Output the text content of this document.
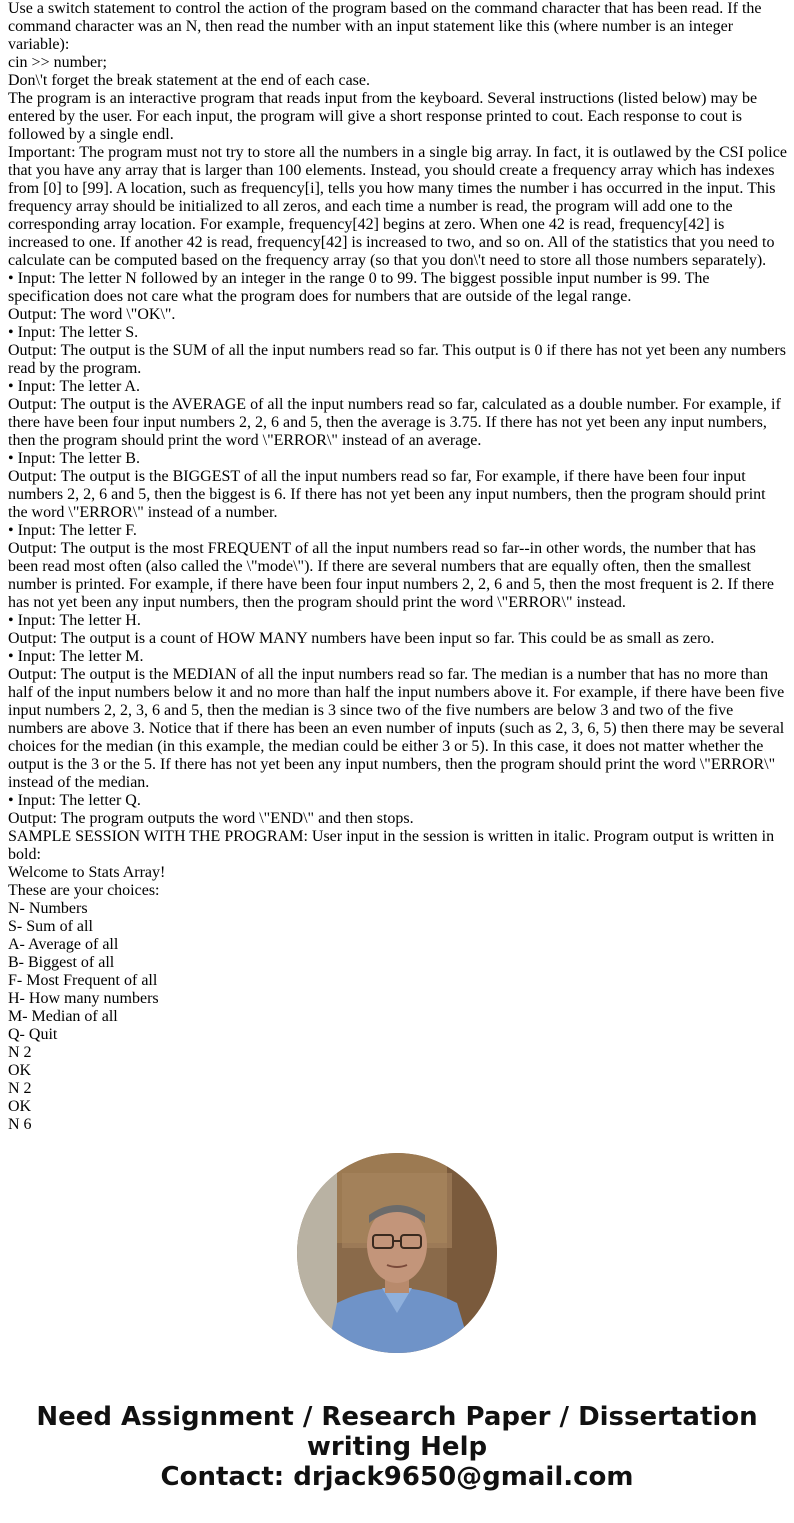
Use a switch statement to control the action of the program based on the command character that has been read. If the command character was an N, then read the number with an input statement like this (where number is an integer variable):
cin >> number;
Don\'t forget the break statement at the end of each case.
The program is an interactive program that reads input from the keyboard. Several instructions (listed below) may be entered by the user. For each input, the program will give a short response printed to cout. Each response to cout is followed by a single endl.
Important: The program must not try to store all the numbers in a single big array. In fact, it is outlawed by the CSI police that you have any array that is larger than 100 elements. Instead, you should create a frequency array which has indexes from [0] to [99]. A location, such as frequency[i], tells you how many times the number i has occurred in the input. This frequency array should be initialized to all zeros, and each time a number is read, the program will add one to the corresponding array location. For example, frequency[42] begins at zero. When one 42 is read, frequency[42] is increased to one. If another 42 is read, frequency[42] is increased to two, and so on. All of the statistics that you need to calculate can be computed based on the frequency array (so that you don\'t need to store all those numbers separately).
• Input: The letter N followed by an integer in the range 0 to 99. The biggest possible input number is 99. The specification does not care what the program does for numbers that are outside of the legal range.
Output: The word \"OK\".
• Input: The letter S.
Output: The output is the SUM of all the input numbers read so far. This output is 0 if there has not yet been any numbers read by the program.
• Input: The letter A.
Output: The output is the AVERAGE of all the input numbers read so far, calculated as a double number. For example, if there have been four input numbers 2, 2, 6 and 5, then the average is 3.75. If there has not yet been any input numbers, then the program should print the word \"ERROR\" instead of an average.
• Input: The letter B.
Output: The output is the BIGGEST of all the input numbers read so far, For example, if there have been four input numbers 2, 2, 6 and 5, then the biggest is 6. If there has not yet been any input numbers, then the program should print the word \"ERROR\" instead of a number.
• Input: The letter F.
Output: The output is the most FREQUENT of all the input numbers read so far--in other words, the number that has been read most often (also called the \"mode\"). If there are several numbers that are equally often, then the smallest number is printed. For example, if there have been four input numbers 2, 2, 6 and 5, then the most frequent is 2. If there has not yet been any input numbers, then the program should print the word \"ERROR\" instead.
• Input: The letter H.
Output: The output is a count of HOW MANY numbers have been input so far. This could be as small as zero.
• Input: The letter M.
Output: The output is the MEDIAN of all the input numbers read so far. The median is a number that has no more than half of the input numbers below it and no more than half the input numbers above it. For example, if there have been five input numbers 2, 2, 3, 6 and 5, then the median is 3 since two of the five numbers are below 3 and two of the five numbers are above 3. Notice that if there has been an even number of inputs (such as 2, 3, 6, 5) then there may be several choices for the median (in this example, the median could be either 3 or 5). In this case, it does not matter whether the output is the 3 or the 5. If there has not yet been any input numbers, then the program should print the word \"ERROR\" instead of the median.
• Input: The letter Q.
Output: The program outputs the word \"END\" and then stops.
SAMPLE SESSION WITH THE PROGRAM: User input in the session is written in italic. Program output is written in bold:
Welcome to Stats Array!
These are your choices:
N- Numbers
S- Sum of all
A- Average of all
B- Biggest of all
F- Most Frequent of all
H- How many numbers
M- Median of all
Q- Quit
N 2
OK
N 2
OK
N 6
Need Assignment / Research Paper / Dissertation
writing Help
Contact: drjack9650@gmail.com
